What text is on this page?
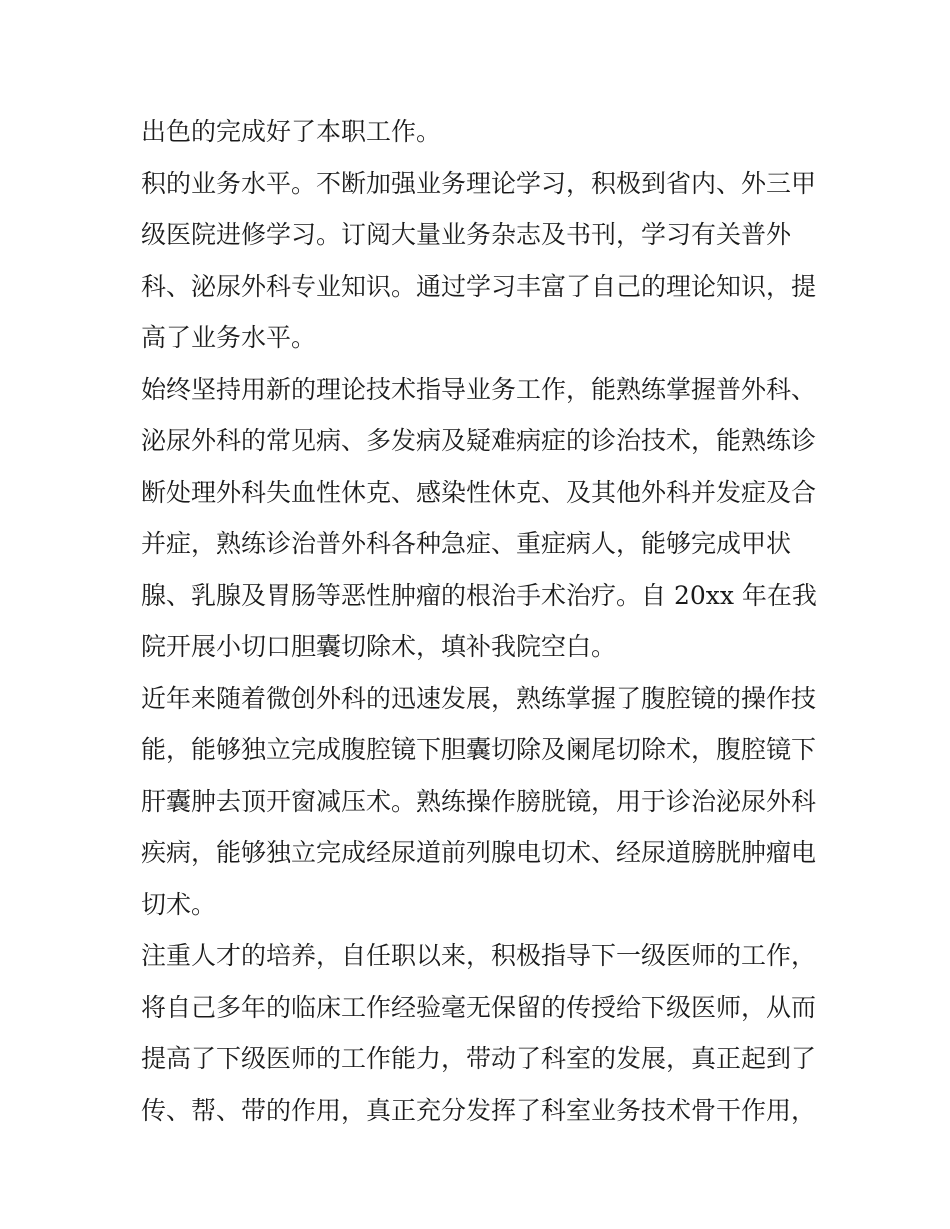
出色的完成好了本职工作。
积的业务水平。不断加强业务理论学习，积极到省内、外三甲
级医院进修学习。订阅大量业务杂志及书刊，学习有关普外
科、泌尿外科专业知识。通过学习丰富了自己的理论知识，提
高了业务水平。
始终坚持用新的理论技术指导业务工作，能熟练掌握普外科、
泌尿外科的常见病、多发病及疑难病症的诊治技术，能熟练诊
断处理外科失血性休克、感染性休克、及其他外科并发症及合
并症，熟练诊治普外科各种急症、重症病人，能够完成甲状
腺、乳腺及胃肠等恶性肿瘤的根治手术治疗。自 20xx 年在我
院开展小切口胆囊切除术，填补我院空白。
近年来随着微创外科的迅速发展，熟练掌握了腹腔镜的操作技
能，能够独立完成腹腔镜下胆囊切除及阑尾切除术，腹腔镜下
肝囊肿去顶开窗减压术。熟练操作膀胱镜，用于诊治泌尿外科
疾病，能够独立完成经尿道前列腺电切术、经尿道膀胱肿瘤电
切术。
注重人才的培养，自任职以来，积极指导下一级医师的工作，
将自己多年的临床工作经验毫无保留的传授给下级医师，从而
提高了下级医师的工作能力，带动了科室的发展，真正起到了
传、帮、带的作用，真正充分发挥了科室业务技术骨干作用，
